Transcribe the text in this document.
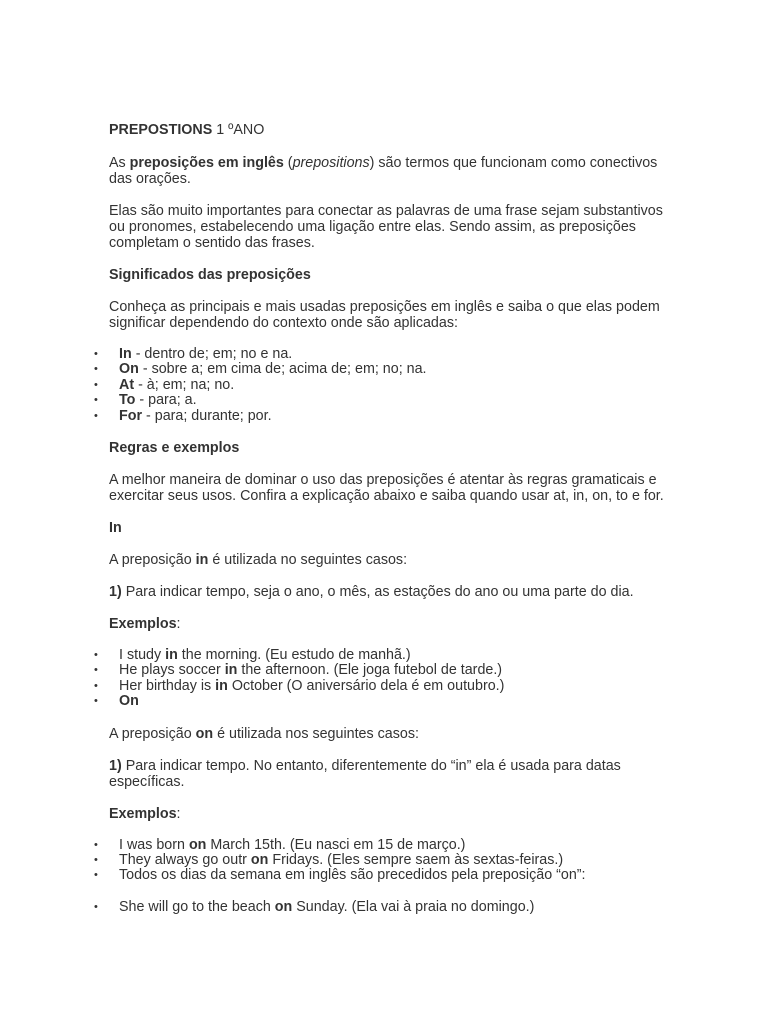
PREPOSTIONS 1 ºANO

As preposições em inglês (prepositions) são termos que funcionam como conectivos das orações.

Elas são muito importantes para conectar as palavras de uma frase sejam substantivos ou pronomes, estabelecendo uma ligação entre elas. Sendo assim, as preposições completam o sentido das frases.

Significados das preposições

Conheça as principais e mais usadas preposições em inglês e saiba o que elas podem significar dependendo do contexto onde são aplicadas:

• In - dentro de; em; no e na.
• On - sobre a; em cima de; acima de; em; no; na.
• At - à; em; na; no.
• To - para; a.
• For - para; durante; por.

Regras e exemplos

A melhor maneira de dominar o uso das preposições é atentar às regras gramaticais e exercitar seus usos. Confira a explicação abaixo e saiba quando usar at, in, on, to e for.

In

A preposição in é utilizada no seguintes casos:

1) Para indicar tempo, seja o ano, o mês, as estações do ano ou uma parte do dia.

Exemplos:

• I study in the morning. (Eu estudo de manhã.)
• He plays soccer in the afternoon. (Ele joga futebol de tarde.)
• Her birthday is in October (O aniversário dela é em outubro.)
• On

A preposição on é utilizada nos seguintes casos:

1) Para indicar tempo. No entanto, diferentemente do “in” ela é usada para datas específicas.

Exemplos:

• I was born on March 15th. (Eu nasci em 15 de março.)
• They always go outr on Fridays. (Eles sempre saem às sextas-feiras.)
• Todos os dias da semana em inglês são precedidos pela preposição “on”:
• She will go to the beach on Sunday. (Ela vai à praia no domingo.)
